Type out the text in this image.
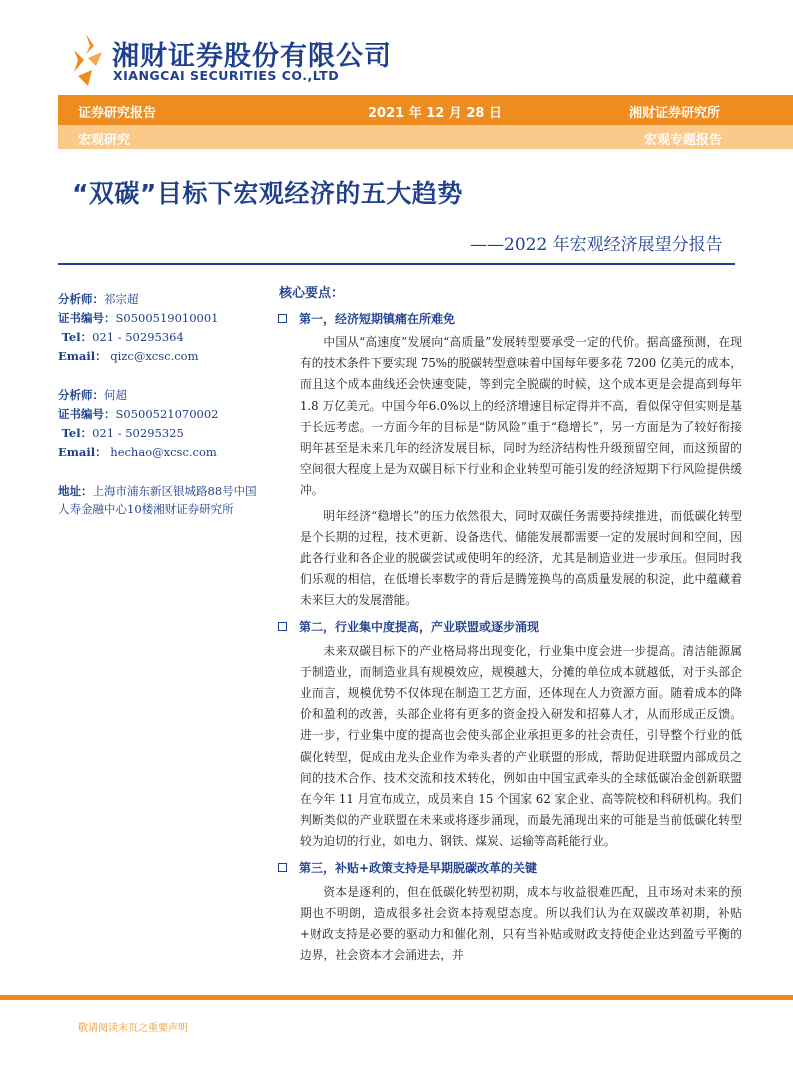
湘财证券股份有限公司
XIANGCAI SECURITIES CO.,LTD
证券研究报告	2021 年 12 月 28 日	湘财证券研究所
宏观研究	宏观专题报告
“双碳”目标下宏观经济的五大趋势
——2022 年宏观经济展望分报告
分析师：祁宗超
证书编号：S0500519010001
Tel：021 - 50295364
Email： qizc@xcsc.com
分析师：何超
证书编号：S0500521070002
Tel：021 - 50295325
Email： hechao@xcsc.com
地址：上海市浦东新区银城路88号中国人寿金融中心10楼湘财证券研究所
核心要点：
第一，经济短期镇痛在所难免

中国从“高速度”发展向“高质量”发展转型要承受一定的代价。据高盛预测，在现有的技术条件下要实现 75%的脱碳转型意味着中国每年要多花 7200 亿美元的成本，而且这个成本曲线还会快速变陡，等到完全脱碳的时候，这个成本更是会提高到每年 1.8 万亿美元。中国今年6.0%以上的经济增速目标定得并不高，看似保守但实则是基于长远考虑。一方面今年的目标是“防风险”重于“稳增长”，另一方面是为了较好衔接明年甚至是未来几年的经济发展目标，同时为经济结构性升级预留空间，而这预留的空间很大程度上是为双碳目标下行业和企业转型可能引发的经济短期下行风险提供缓冲。

明年经济“稳增长”的压力依然很大，同时双碳任务需要持续推进，而低碳化转型是个长期的过程，技术更新、设备迭代、储能发展都需要一定的发展时间和空间，因此各行业和各企业的脱碳尝试或使明年的经济，尤其是制造业进一步承压。但同时我们乐观的相信，在低增长率数字的背后是腾笼换鸟的高质量发展的积淀，此中蕴藏着未来巨大的发展潜能。

第二，行业集中度提高，产业联盟或逐步涌现

未来双碳目标下的产业格局将出现变化，行业集中度会进一步提高。清洁能源属于制造业，而制造业具有规模效应，规模越大，分摊的单位成本就越低，对于头部企业而言，规模优势不仅体现在制造工艺方面，还体现在人力资源方面。随着成本的降价和盈利的改善，头部企业将有更多的资金投入研发和招募人才，从而形成正反馈。进一步，行业集中度的提高也会使头部企业承担更多的社会责任，引导整个行业的低碳化转型，促成由龙头企业作为牵头者的产业联盟的形成，帮助促进联盟内部成员之间的技术合作、技术交流和技术转化，例如由中国宝武牵头的全球低碳冶金创新联盟在今年 11 月宣布成立，成员来自 15 个国家 62 家企业、高等院校和科研机构。我们判断类似的产业联盟在未来或将逐步涌现，而最先涌现出来的可能是当前低碳化转型较为迫切的行业，如电力、钢铁、煤炭、运输等高耗能行业。

第三，补贴+政策支持是早期脱碳改革的关键

资本是逐利的，但在低碳化转型初期，成本与收益很难匹配，且市场对未来的预期也不明朗，造成很多社会资本持观望态度。所以我们认为在双碳改革初期，补贴+财政支持是必要的驱动力和催化剂，只有当补贴或财政支持使企业达到盈亏平衡的边界，社会资本才会涌进去，并

敬请阅读末页之重要声明
